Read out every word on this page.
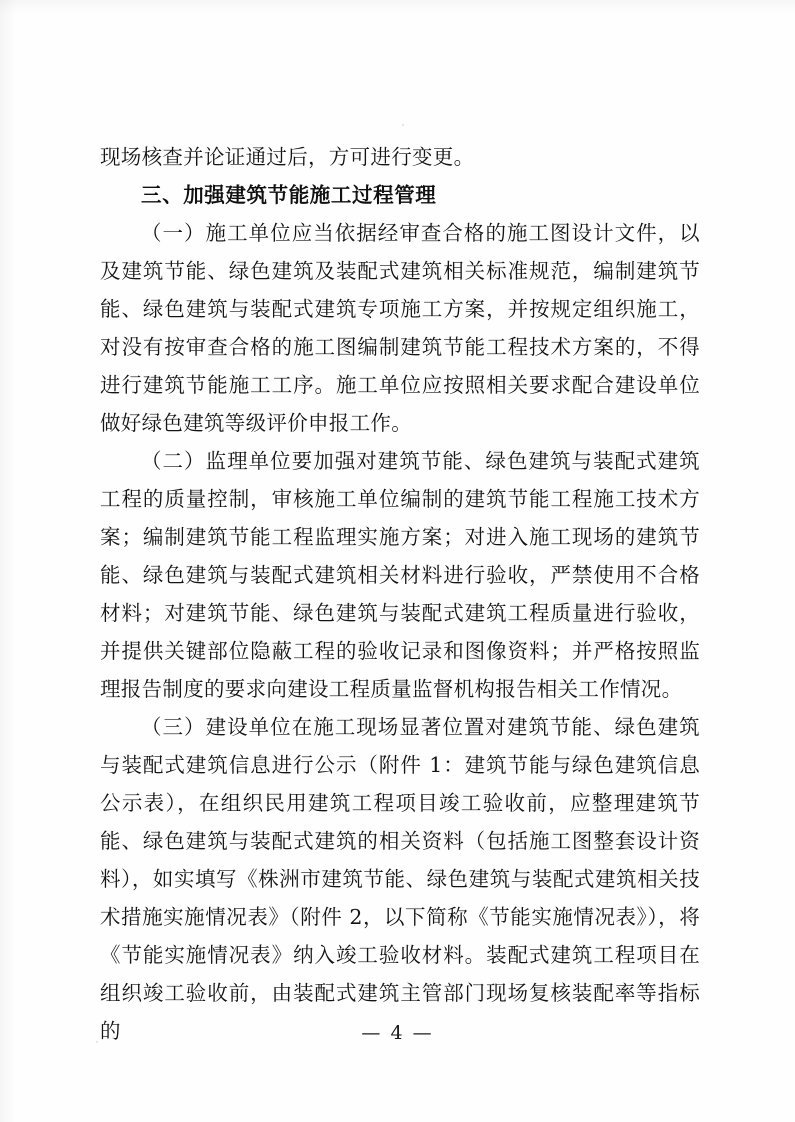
现场核查并论证通过后，方可进行变更。

三、加强建筑节能施工过程管理

（一）施工单位应当依据经审查合格的施工图设计文件，以及建筑节能、绿色建筑及装配式建筑相关标准规范，编制建筑节能、绿色建筑与装配式建筑专项施工方案，并按规定组织施工，对没有按审查合格的施工图编制建筑节能工程技术方案的，不得进行建筑节能施工工序。施工单位应按照相关要求配合建设单位做好绿色建筑等级评价申报工作。

（二）监理单位要加强对建筑节能、绿色建筑与装配式建筑工程的质量控制，审核施工单位编制的建筑节能工程施工技术方案；编制建筑节能工程监理实施方案；对进入施工现场的建筑节能、绿色建筑与装配式建筑相关材料进行验收，严禁使用不合格材料；对建筑节能、绿色建筑与装配式建筑工程质量进行验收，并提供关键部位隐蔽工程的验收记录和图像资料；并严格按照监理报告制度的要求向建设工程质量监督机构报告相关工作情况。

（三）建设单位在施工现场显著位置对建筑节能、绿色建筑与装配式建筑信息进行公示（附件 1：建筑节能与绿色建筑信息公示表），在组织民用建筑工程项目竣工验收前，应整理建筑节能、绿色建筑与装配式建筑的相关资料（包括施工图整套设计资料），如实填写《株洲市建筑节能、绿色建筑与装配式建筑相关技术措施实施情况表》（附件 2，以下简称《节能实施情况表》），将《节能实施情况表》纳入竣工验收材料。装配式建筑工程项目在组织竣工验收前，由装配式建筑主管部门现场复核装配率等指标的	— 4 —
